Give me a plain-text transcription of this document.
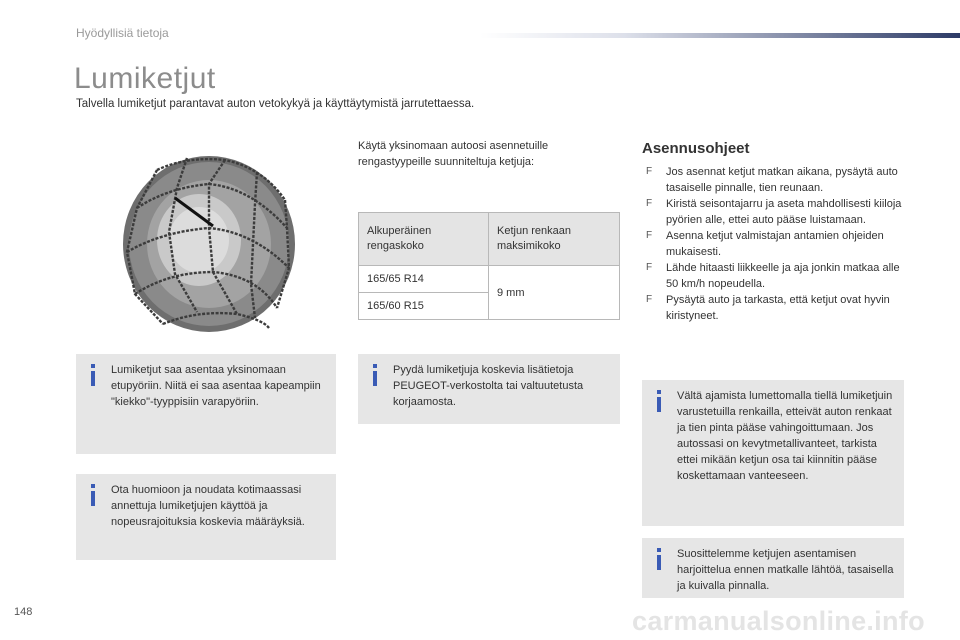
Hyödyllisiä tietoja
Lumiketjut
Talvella lumiketjut parantavat auton vetokykyä ja käyttäytymistä jarrutettaessa.
Käytä yksinomaan autoosi asennetuille rengastyypeille suunniteltuja ketjuja:
Alkuperäinen rengaskoko	Ketjun renkaan maksimikoko
165/65 R14	9 mm
165/60 R15	
Lumiketjut saa asentaa yksinomaan etupyöriin. Niitä ei saa asentaa kapeampiin "kiekko"-tyyppisiin varapyöriin.
Ota huomioon ja noudata kotimaassasi annettuja lumiketjujen käyttöä ja nopeusrajoituksia koskevia määräyksiä.
Pyydä lumiketjuja koskevia lisätietoja PEUGEOT-verkostolta tai valtuutetusta korjaamosta.
Asennusohjeet
F Jos asennat ketjut matkan aikana, pysäytä auto tasaiselle pinnalle, tien reunaan.
F Kiristä seisontajarru ja aseta mahdollisesti kiiloja pyörien alle, ettei auto pääse luistamaan.
F Asenna ketjut valmistajan antamien ohjeiden mukaisesti.
F Lähde hitaasti liikkeelle ja aja jonkin matkaa alle 50 km/h nopeudella.
F Pysäytä auto ja tarkasta, että ketjut ovat hyvin kiristyneet.
Vältä ajamista lumettomalla tiellä lumiketjuin varustetuilla renkailla, etteivät auton renkaat ja tien pinta pääse vahingoittumaan. Jos autossasi on kevytmetallivanteet, tarkista ettei mikään ketjun osa tai kiinnitin pääse koskettamaan vanteeseen.
Suosittelemme ketjujen asentamisen harjoittelua ennen matkalle lähtöä, tasaisella ja kuivalla pinnalla.
148	carmanualsonline.info
